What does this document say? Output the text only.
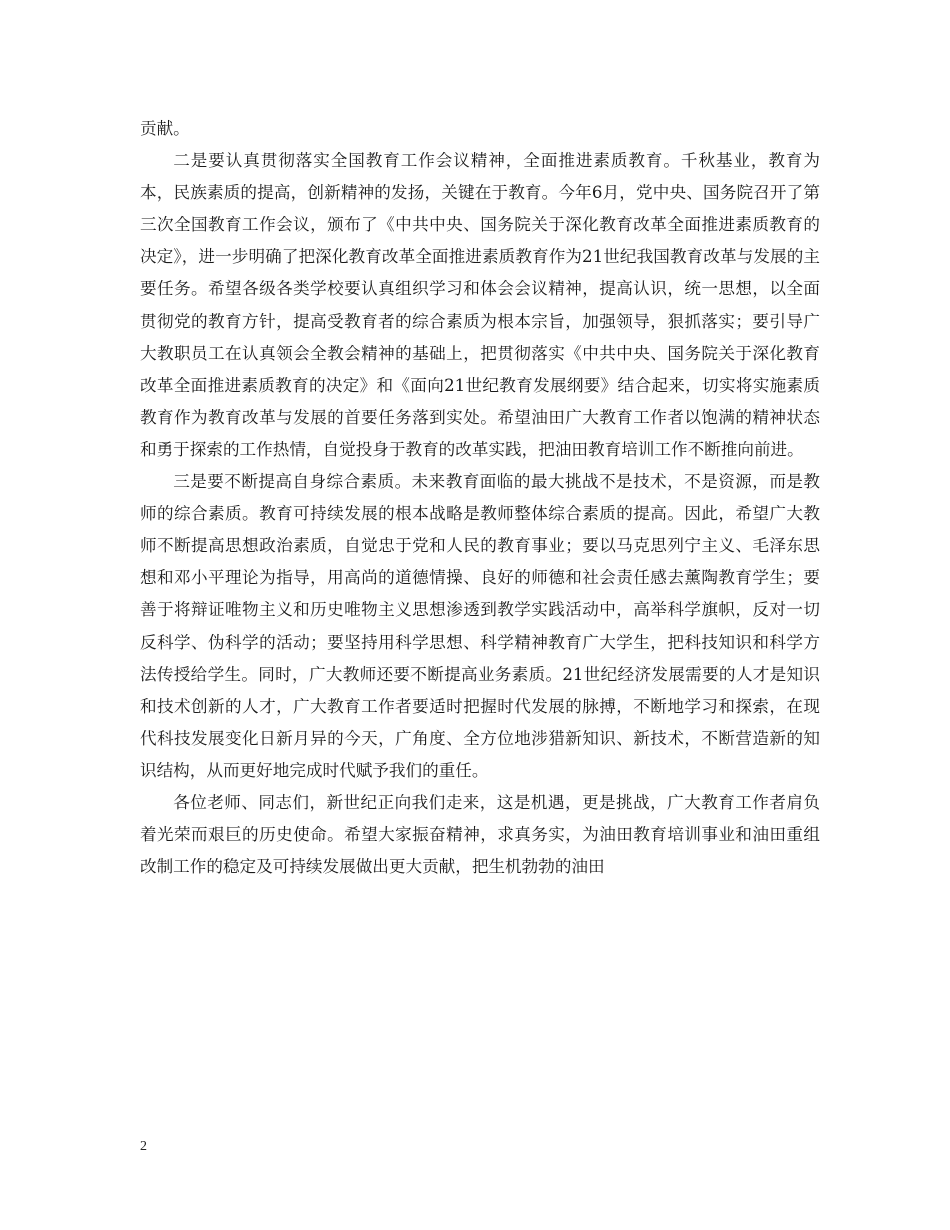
贡献。

二是要认真贯彻落实全国教育工作会议精神，全面推进素质教育。千秋基业，教育为本，民族素质的提高，创新精神的发扬，关键在于教育。今年6月，党中央、国务院召开了第三次全国教育工作会议，颁布了《中共中央、国务院关于深化教育改革全面推进素质教育的决定》，进一步明确了把深化教育改革全面推进素质教育作为21世纪我国教育改革与发展的主要任务。希望各级各类学校要认真组织学习和体会会议精神，提高认识，统一思想，以全面贯彻党的教育方针，提高受教育者的综合素质为根本宗旨，加强领导，狠抓落实；要引导广大教职员工在认真领会全教会精神的基础上，把贯彻落实《中共中央、国务院关于深化教育改革全面推进素质教育的决定》和《面向21世纪教育发展纲要》结合起来，切实将实施素质教育作为教育改革与发展的首要任务落到实处。希望油田广大教育工作者以饱满的精神状态和勇于探索的工作热情，自觉投身于教育的改革实践，把油田教育培训工作不断推向前进。

三是要不断提高自身综合素质。未来教育面临的最大挑战不是技术，不是资源，而是教师的综合素质。教育可持续发展的根本战略是教师整体综合素质的提高。因此，希望广大教师不断提高思想政治素质，自觉忠于党和人民的教育事业；要以马克思列宁主义、毛泽东思想和邓小平理论为指导，用高尚的道德情操、良好的师德和社会责任感去薰陶教育学生；要善于将辩证唯物主义和历史唯物主义思想渗透到教学实践活动中，高举科学旗帜，反对一切反科学、伪科学的活动；要坚持用科学思想、科学精神教育广大学生，把科技知识和科学方法传授给学生。同时，广大教师还要不断提高业务素质。21世纪经济发展需要的人才是知识和技术创新的人才，广大教育工作者要适时把握时代发展的脉搏，不断地学习和探索，在现代科技发展变化日新月异的今天，广角度、全方位地涉猎新知识、新技术，不断营造新的知识结构，从而更好地完成时代赋予我们的重任。

各位老师、同志们，新世纪正向我们走来，这是机遇，更是挑战，广大教育工作者肩负着光荣而艰巨的历史使命。希望大家振奋精神，求真务实，为油田教育培训事业和油田重组改制工作的稳定及可持续发展做出更大贡献，把生机勃勃的油田

2
